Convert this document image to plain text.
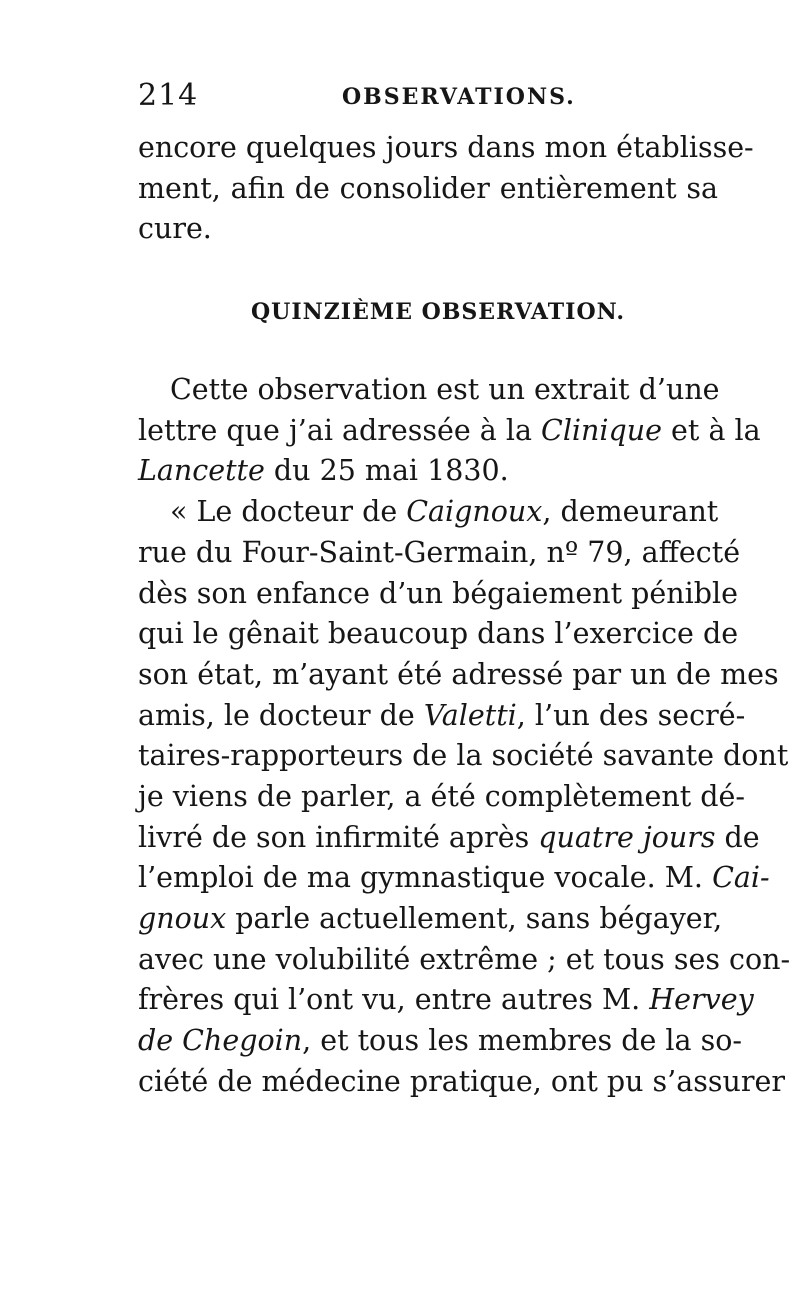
214	OBSERVATIONS.
encore quelques jours dans mon établisse-
ment, afin de consolider entièrement sa
cure.
QUINZIÈME OBSERVATION.
Cette observation est un extrait d’une
lettre que j’ai adressée à la Clinique et à la
Lancette du 25 mai 1830.
« Le docteur de Caignoux, demeurant
rue du Four-Saint-Germain, nº 79, affecté
dès son enfance d’un bégaiement pénible
qui le gênait beaucoup dans l’exercice de
son état, m’ayant été adressé par un de mes
amis, le docteur de Valetti, l’un des secré-
taires-rapporteurs de la société savante dont
je viens de parler, a été complètement dé-
livré de son infirmité après quatre jours de
l’emploi de ma gymnastique vocale. M. Cai-
gnoux parle actuellement, sans bégayer,
avec une volubilité extrême ; et tous ses con-
frères qui l’ont vu, entre autres M. Hervey
de Chegoin, et tous les membres de la so-
ciété de médecine pratique, ont pu s’assurer
